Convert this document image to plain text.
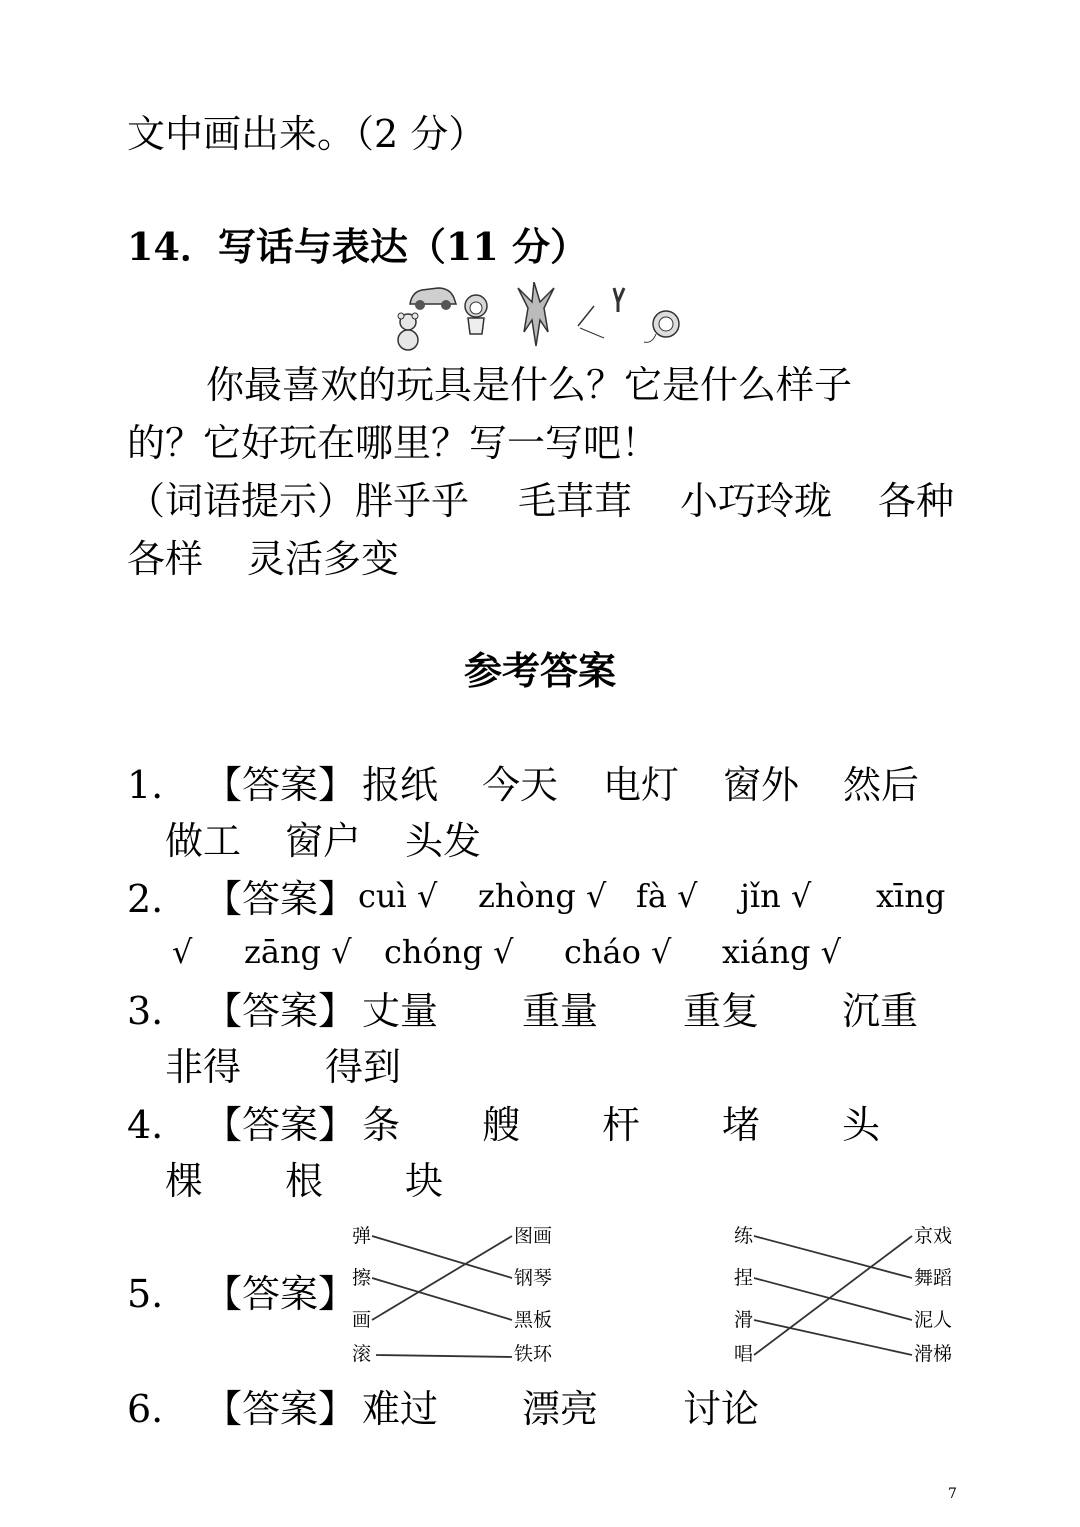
文中画出来。（2 分）
14．写话与表达（11 分）
你最喜欢的玩具是什么？它是什么样子
的？它好玩在哪里？写一写吧！
（词语提示）胖乎乎 毛茸茸 小巧玲珑 各种
各样 灵活多变
参考答案
1. 【答案】 报纸 今天 电灯 窗外 然后
做工 窗户 头发
2. 【答案】 cuì √ zhòng √ fà √ jǐn √ xīng
√ zāng √ chóng √ cháo √ xiáng √
3. 【答案】 丈量 重量 重复 沉重
非得 得到
4. 【答案】 条 艘 杆 堵 头
棵 根 块
5. 【答案】
弹
擦
画
滚
图画
钢琴
黑板
铁环
练
捏
滑
唱
京戏
舞蹈
泥人
滑梯
6. 【答案】 难过 漂亮 讨论
7
